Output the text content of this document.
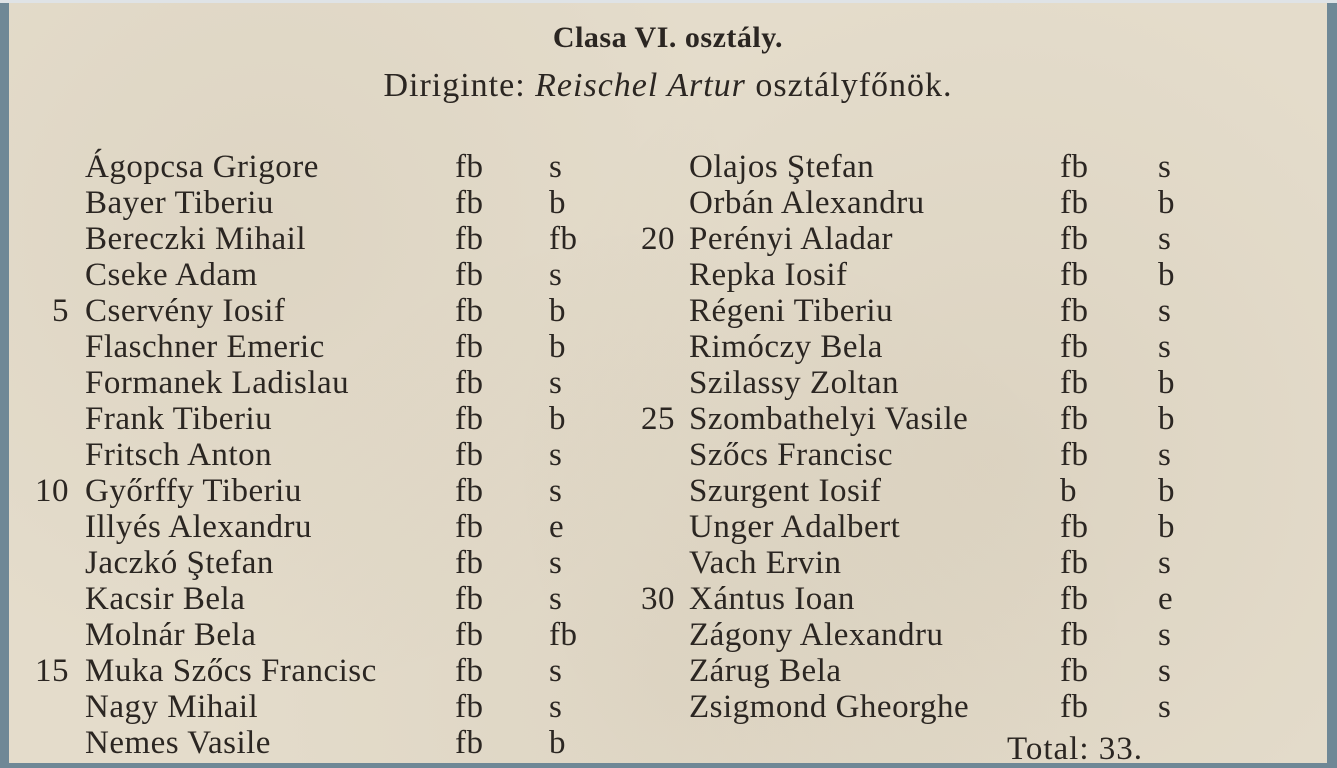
Clasa VI. osztály.
Diriginte: Reischel Artur osztályfőnök.
Ágopcsa Grigore	fb s
Bayer Tiberiu	fb b
Bereczki Mihail	fb fb
Cseke Adam	fb s
5 Cservény Iosif	fb b
Flaschner Emeric	fb b
Formanek Ladislau	fb s
Frank Tiberiu	fb b
Fritsch Anton	fb s
10 Győrffy Tiberiu	fb s
Illyés Alexandru	fb e
Jaczkó Ştefan	fb s
Kacsir Bela	fb s
Molnár Bela	fb fb
15 Muka Szőcs Francisc fb s
Nagy Mihail	fb s
Nemes Vasile	fb b
Olajos Ştefan	fb s
Orbán Alexandru	fb b
20 Perényi Aladar	fb s
Repka Iosif	fb b
Régeni Tiberiu	fb s
Rimóczy Bela	fb s
Szilassy Zoltan	fb b
25 Szombathelyi Vasile	fb b
Szőcs Francisc	fb s
Szurgent Iosif	b b
Unger Adalbert	fb b
Vach Ervin	fb s
30 Xántus Ioan	fb e
Zágony Alexandru	fb s
Zárug Bela	fb s
Zsigmond Gheorghe	fb s
Total: 33.
